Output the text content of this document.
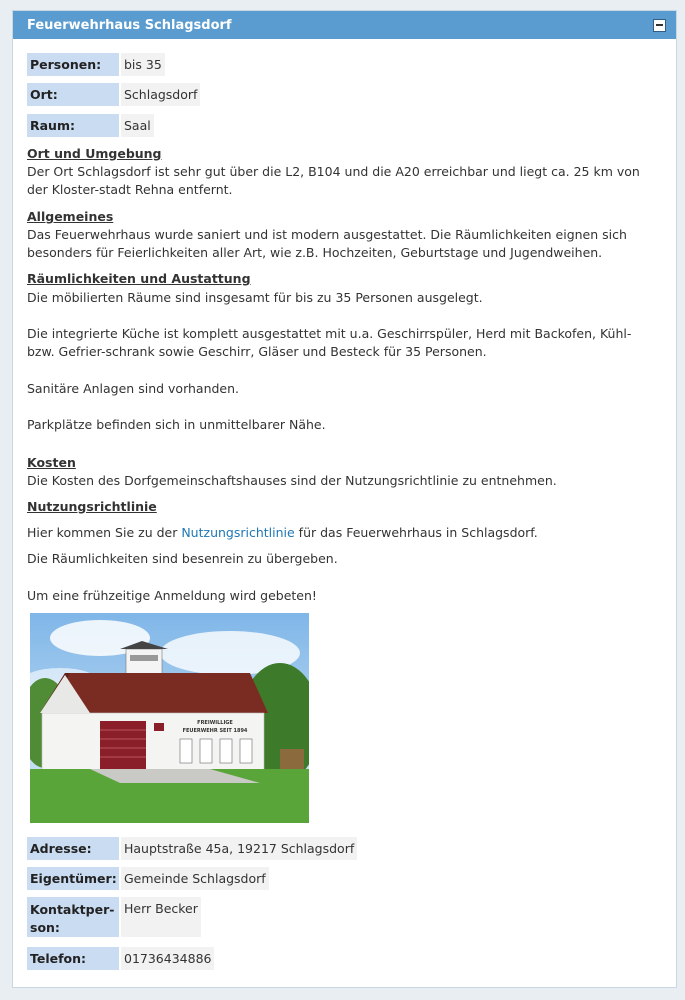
Feuerwehrhaus Schlagsdorf
Personen:	bis 35
Ort:	Schlagsdorf
Raum:	Saal
Ort und Umgebung

Der Ort Schlagsdorf ist sehr gut über die L2, B104 und die A20 erreichbar und liegt ca. 25 km von der Kloster-stadt Rehna entfernt.

Allgemeines

Das Feuerwehrhaus wurde saniert und ist modern ausgestattet. Die Räumlichkeiten eignen sich besonders für Feierlichkeiten aller Art, wie z.B. Hochzeiten, Geburtstage und Jugendweihen.

Räumlichkeiten und Austattung

Die möbilierten Räume sind insgesamt für bis zu 35 Personen ausgelegt.

Die integrierte Küche ist komplett ausgestattet mit u.a. Geschirrspüler, Herd mit Backofen, Kühl- bzw. Gefrier-schrank sowie Geschirr, Gläser und Besteck für 35 Personen.

Sanitäre Anlagen sind vorhanden.

Parkplätze befinden sich in unmittelbarer Nähe.

Kosten

Die Kosten des Dorfgemeinschaftshauses sind der Nutzungsrichtlinie zu entnehmen.

Nutzungsrichtlinie

Hier kommen Sie zu der Nutzungsrichtlinie für das Feuerwehrhaus in Schlagsdorf.

Die Räumlichkeiten sind besenrein zu übergeben.

Um eine frühzeitige Anmeldung wird gebeten!

FREIWILLIGE
FEUERWEHR SEIT 1894
Adresse:	Hauptstraße 45a, 19217 Schlagsdorf
Eigentümer: Gemeinde Schlagsdorf
Kontaktper-son:
Herr Becker
Telefon:	01736434886
